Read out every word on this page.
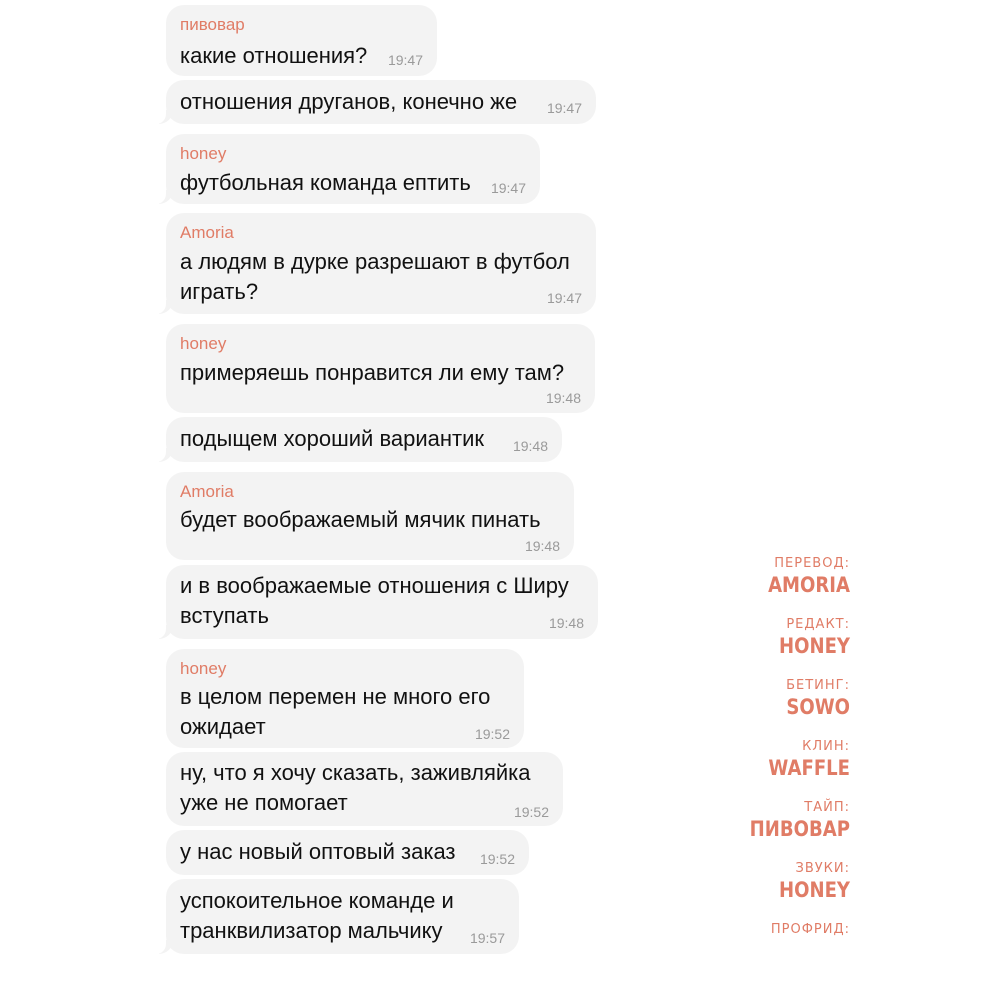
пивовар
какие отношения? 19:47
отношения друганов, конечно же 19:47
honey
футбольная команда ептить 19:47
Amoria
а людям в дурке разрешают в футбол
играть?	19:47
honey
примеряешь понравится ли ему там?
19:48
подыщем хороший вариантик 19:48
Amoria
будет воображаемый мячик пинать
19:48
и в воображаемые отношения с Ширу
вступать	19:48
honey
в целом перемен не много его
ожидает	19:52
ну, что я хочу сказать, заживляйка
уже не помогает	19:52
у нас новый оптовый заказ 19:52
успокоительное команде и
транквилизатор мальчику 19:57
ПЕРЕВОД:
AMORIA
РЕДАКТ:
HONEY
БЕТИНГ:
SOWO
КЛИН:
WAFFLE
ТАЙП:
ПИВОВАР
ЗВУКИ:
HONEY
ПРОФРИД:
